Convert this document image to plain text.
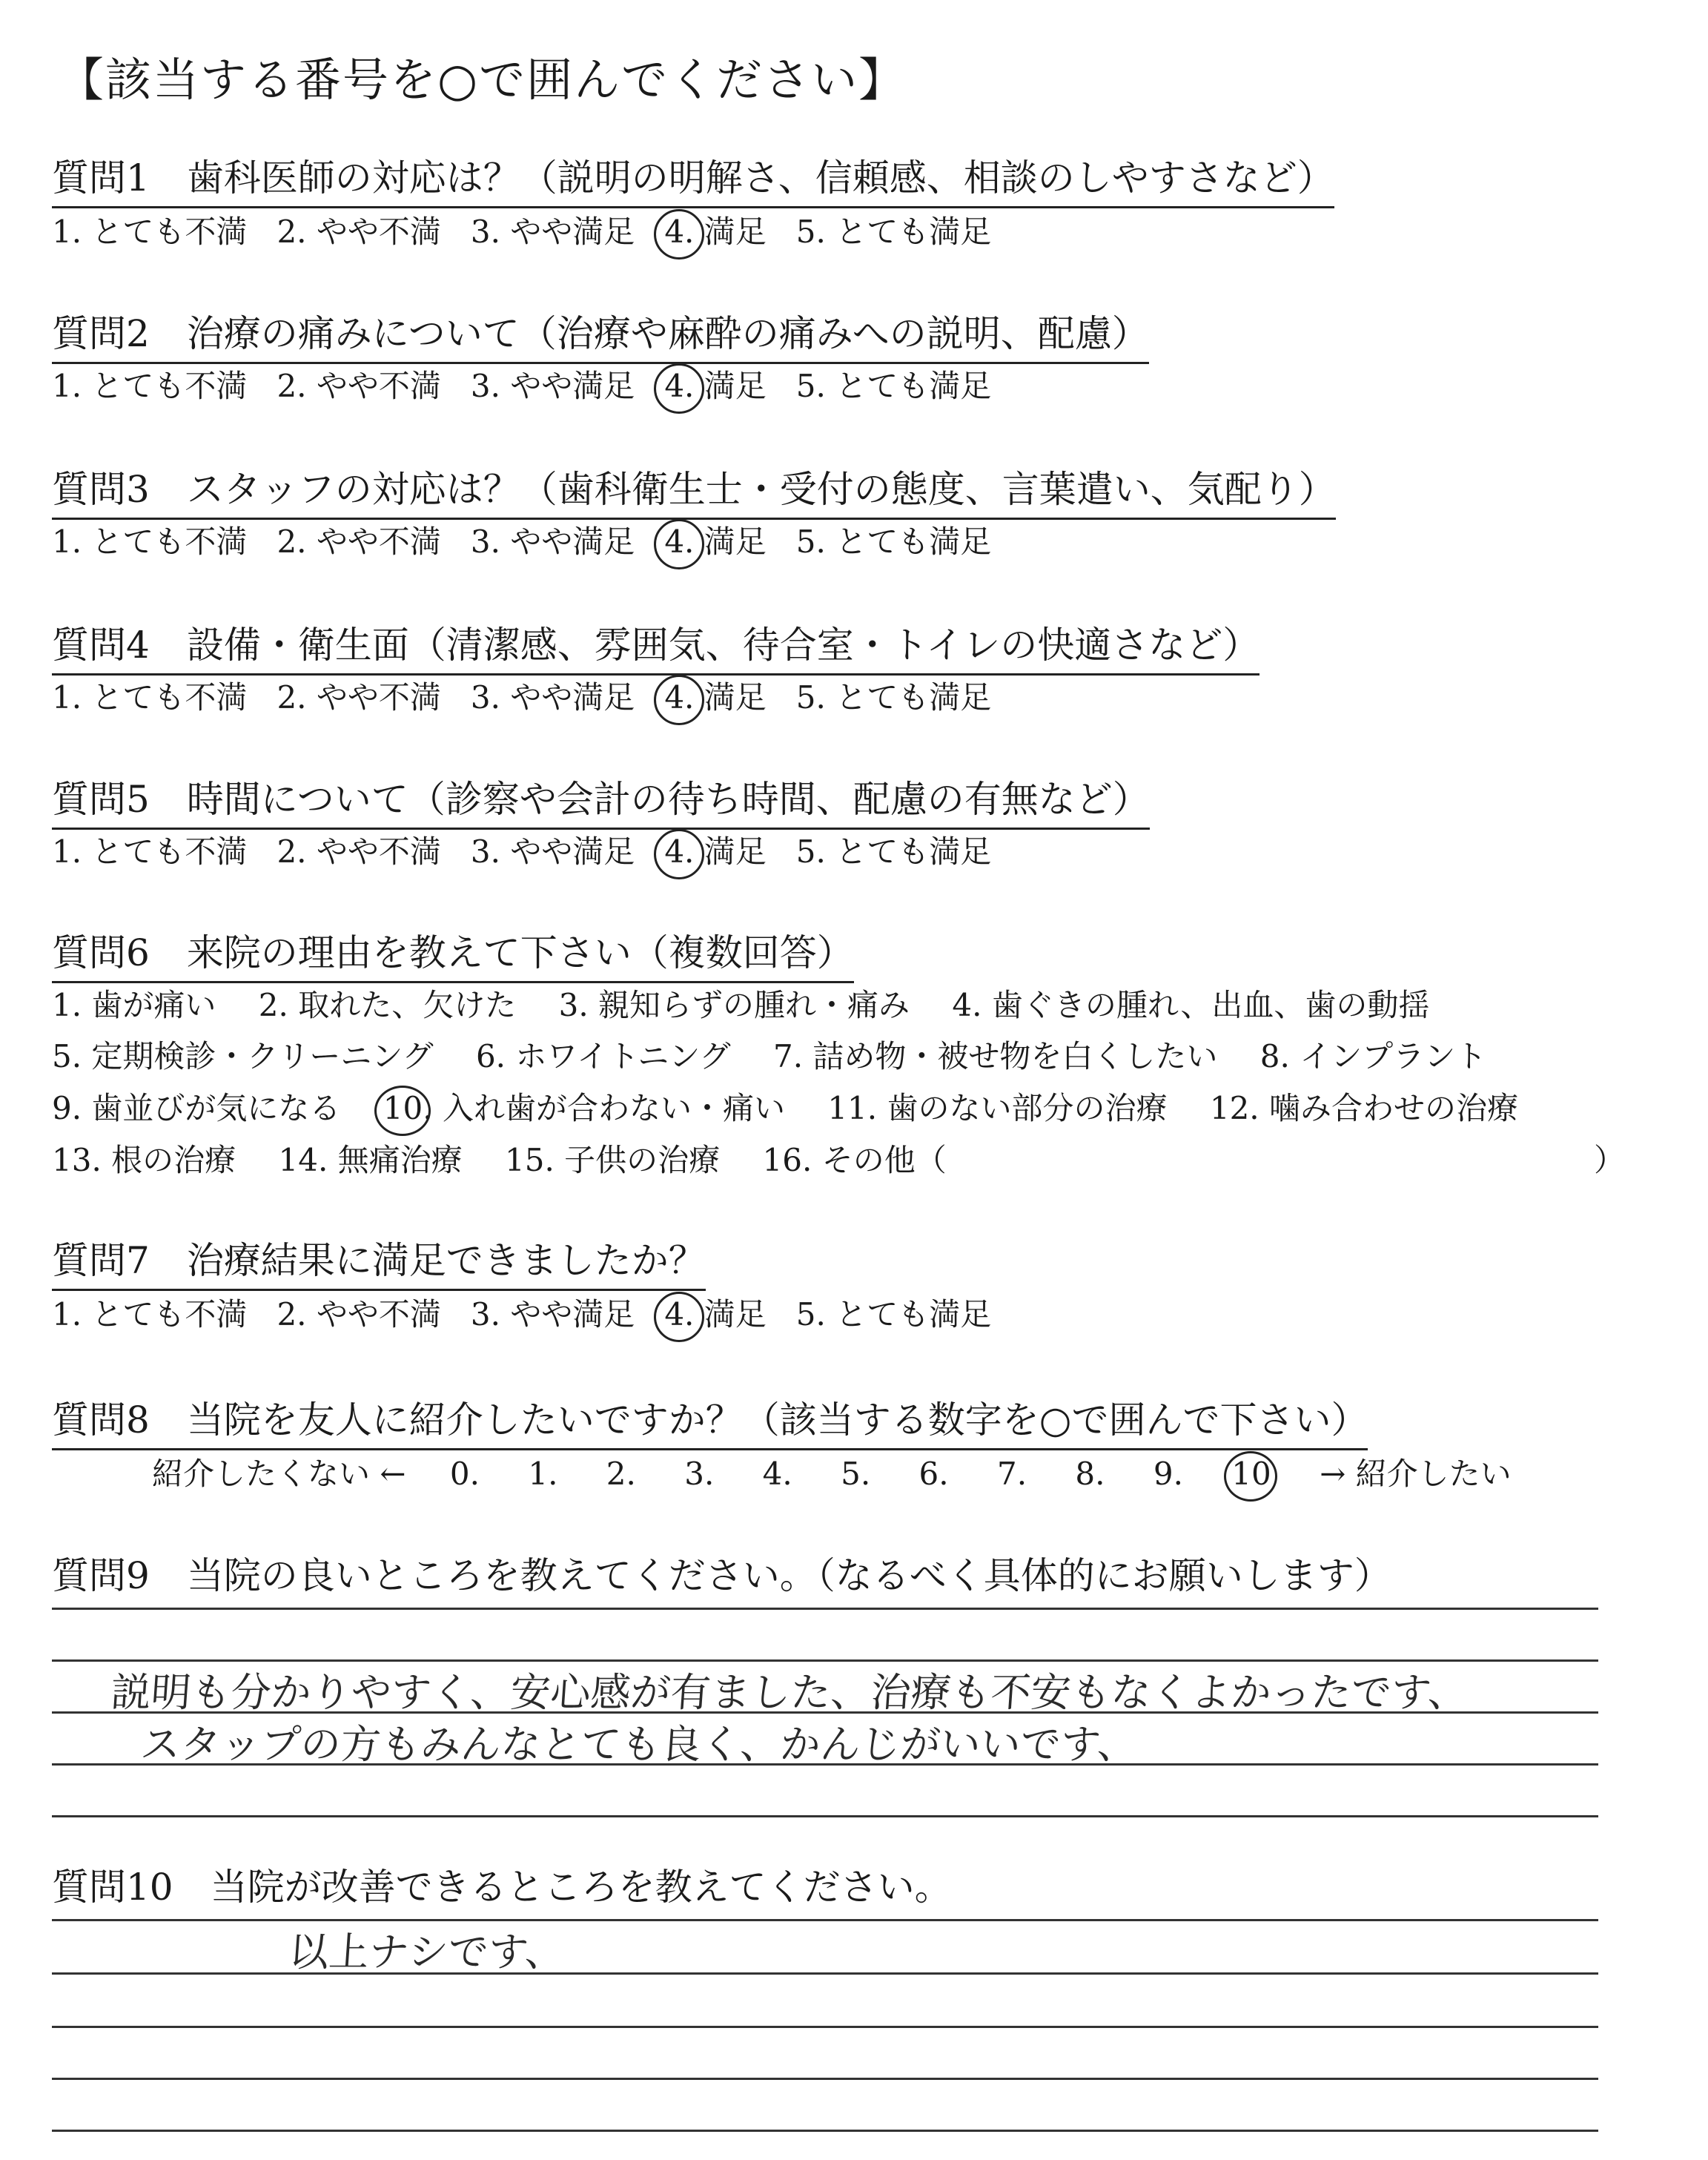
【該当する番号を○で囲んでください】
質問1 歯科医師の対応は？（説明の明解さ、信頼感、相談のしやすさなど）
1. とても不満 2. やや不満 3. やや満足 4. 満足 5. とても満足
質問2 治療の痛みについて（治療や麻酔の痛みへの説明、配慮）
1. とても不満 2. やや不満 3. やや満足 4. 満足 5. とても満足
質問3 スタッフの対応は？（歯科衛生士・受付の態度、言葉遣い、気配り）
1. とても不満 2. やや不満 3. やや満足 4. 満足 5. とても満足
質問4 設備・衛生面（清潔感、雰囲気、待合室・トイレの快適さなど）
1. とても不満 2. やや不満 3. やや満足 4. 満足 5. とても満足
質問5 時間について（診察や会計の待ち時間、配慮の有無など）
1. とても不満 2. やや不満 3. やや満足 4. 満足 5. とても満足
質問6 来院の理由を教えて下さい（複数回答）
1. 歯が痛い 2. 取れた、欠けた 3. 親知らずの腫れ・痛み 4. 歯ぐきの腫れ、出血、歯の動揺
5. 定期検診・クリーニング 6. ホワイトニング 7. 詰め物・被せ物を白くしたい 8. インプラント
9. 歯並びが気になる 10. 入れ歯が合わない・痛い 11. 歯のない部分の治療 12. 噛み合わせの治療
13. 根の治療 14. 無痛治療 15. 子供の治療 16. その他（	）
質問7 治療結果に満足できましたか？
1. とても不満 2. やや不満 3. やや満足 4. 満足 5. とても満足
質問8 当院を友人に紹介したいですか？（該当する数字を○で囲んで下さい）
紹介したくない ← 0. 1. 2. 3. 4. 5. 6. 7. 8. 9. 10 → 紹介したい
質問9 当院の良いところを教えてください。（なるべく具体的にお願いします）
説明も分かりやすく、安心感が有ました、治療も不安もなくよかったです、
スタップの方もみんなとても良く、かんじがいいです、
質問10 当院が改善できるところを教えてください。
以上ナシです、
